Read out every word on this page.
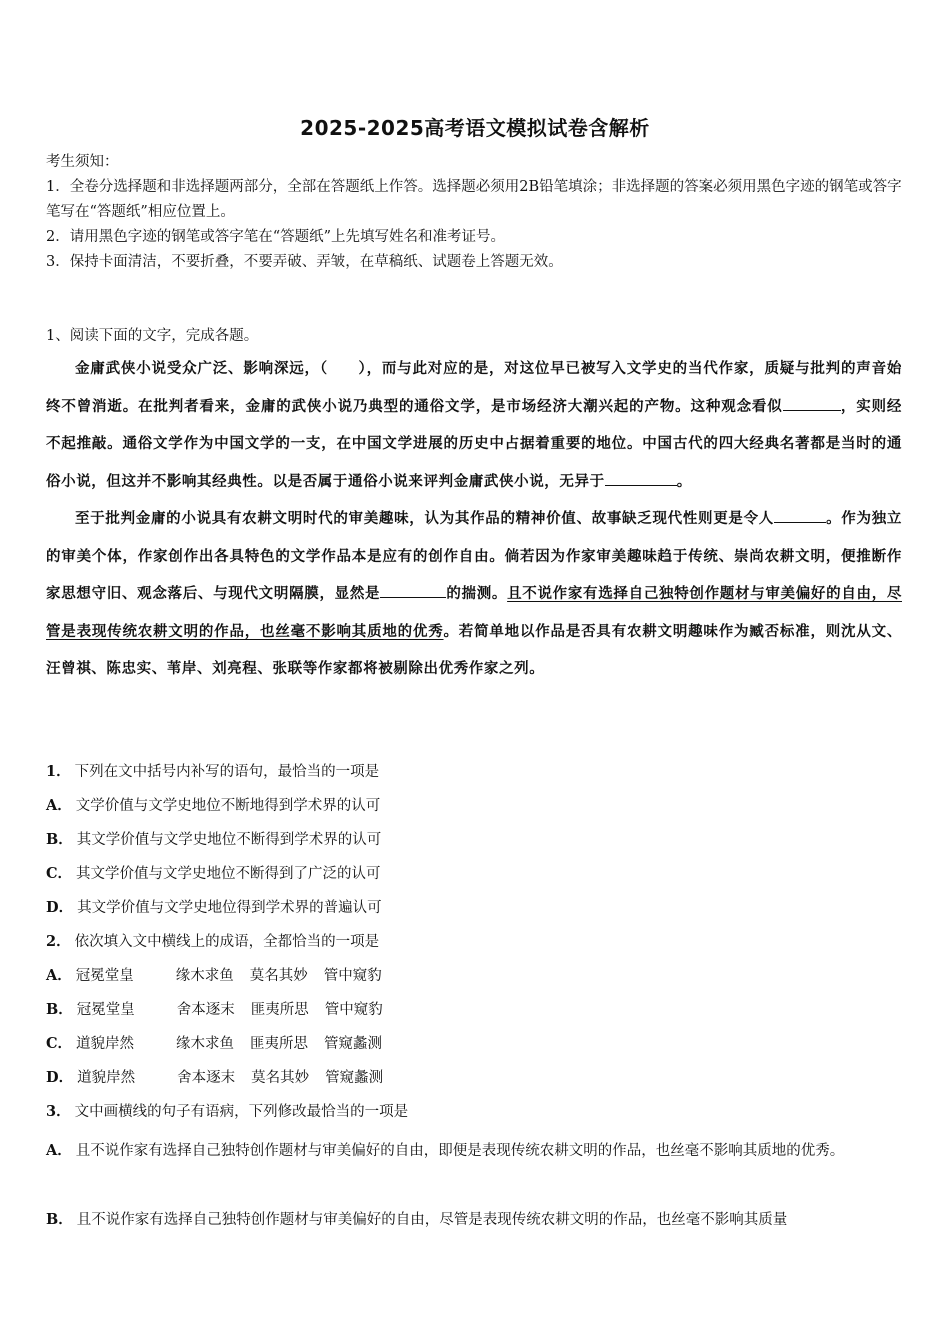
2025-2025高考语文模拟试卷含解析
考生须知：
1．全卷分选择题和非选择题两部分，全部在答题纸上作答。选择题必须用2B铅笔填涂；非选择题的答案必须用黑色字迹的钢笔或答字笔写在“答题纸”相应位置上。
2．请用黑色字迹的钢笔或答字笔在“答题纸”上先填写姓名和准考证号。
3．保持卡面清洁，不要折叠，不要弄破、弄皱，在草稿纸、试题卷上答题无效。
1、阅读下面的文字，完成各题。

金庸武侠小说受众广泛、影响深远，（　　），而与此对应的是，对这位早已被写入文学史的当代作家，质疑与批判的声音始终不曾消逝。在批判者看来，金庸的武侠小说乃典型的通俗文学，是市场经济大潮兴起的产物。这种观念看似	，实则经不起推敲。通俗文学作为中国文学的一支，在中国文学进展的历史中占据着重要的地位。中国古代的四大经典名著都是当时的通俗小说，但这并不影响其经典性。以是否属于通俗小说来评判金庸武侠小说，无异于	。

至于批判金庸的小说具有农耕文明时代的审美趣味，认为其作品的精神价值、故事缺乏现代性则更是令人	。作为独立的审美个体，作家创作出各具特色的文学作品本是应有的创作自由。倘若因为作家审美趣味趋于传统、崇尚农耕文明，便推断作家思想守旧、观念落后、与现代文明隔膜，显然是	的揣测。且不说作家有选择自己独特创作题材与审美偏好的自由，尽管是表现传统农耕文明的作品，也丝毫不影响其质地的优秀。若简单地以作品是否具有农耕文明趣味作为臧否标准，则沈从文、汪曾祺、陈忠实、苇岸、刘亮程、张联等作家都将被剔除出优秀作家之列。

1． 下列在文中括号内补写的语句，最恰当的一项是
A． 文学价值与文学史地位不断地得到学术界的认可
B． 其文学价值与文学史地位不断得到学术界的认可
C． 其文学价值与文学史地位不断得到了广泛的认可
D． 其文学价值与文学史地位得到学术界的普遍认可
2． 依次填入文中横线上的成语，全都恰当的一项是
A． 冠冕堂皇	缘木求鱼 莫名其妙 管中窥豹
B． 冠冕堂皇	舍本逐末 匪夷所思 管中窥豹
C． 道貌岸然	缘木求鱼 匪夷所思 管窥蠡测
D． 道貌岸然	舍本逐末 莫名其妙 管窥蠡测
3． 文中画横线的句子有语病，下列修改最恰当的一项是
A． 且不说作家有选择自己独特创作题材与审美偏好的自由，即便是表现传统农耕文明的作品，也丝毫不影响其质地的优秀。
B． 且不说作家有选择自己独特创作题材与审美偏好的自由，尽管是表现传统农耕文明的作品，也丝毫不影响其质量
